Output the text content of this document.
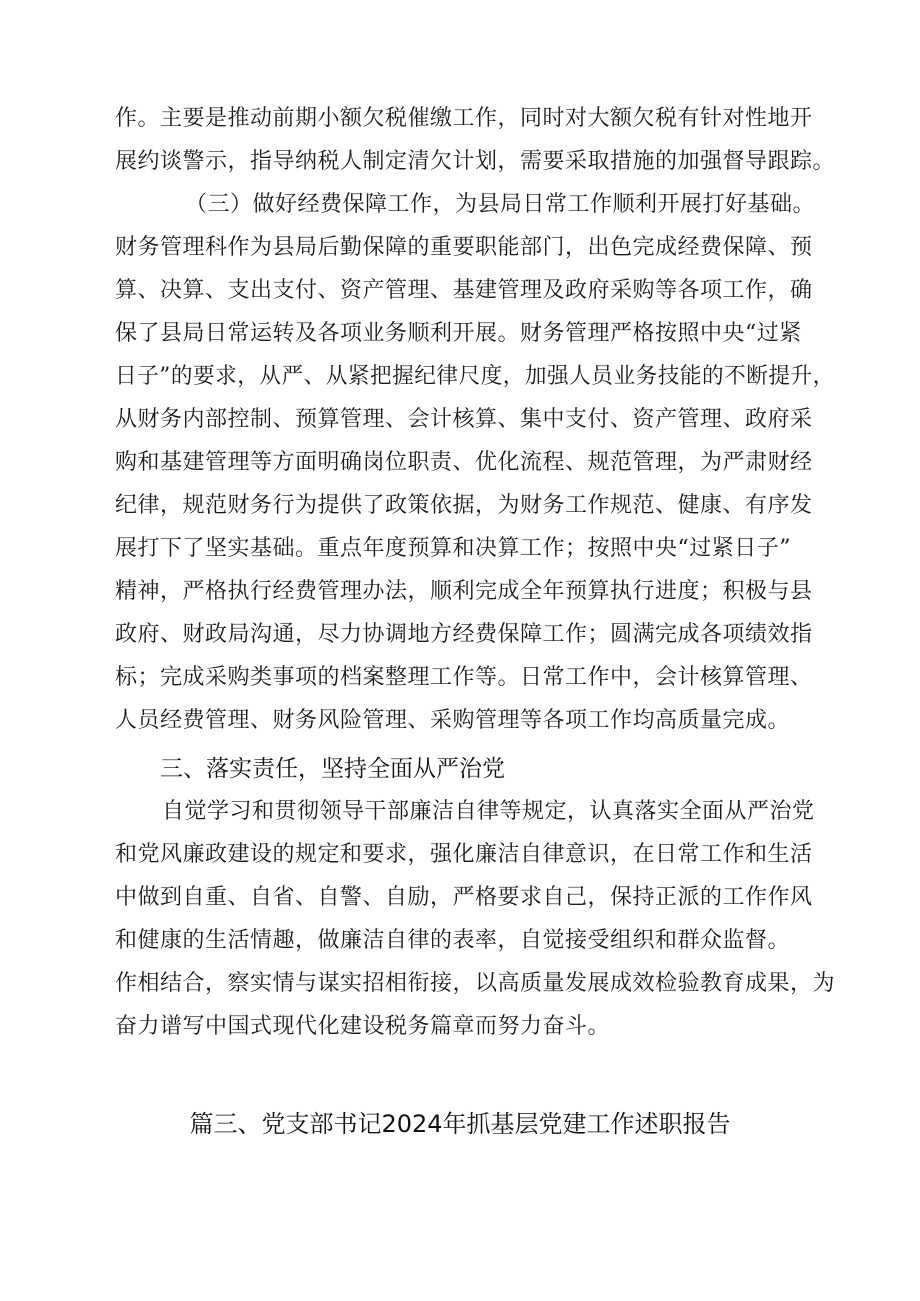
作。主要是推动前期小额欠税催缴工作，同时对大额欠税有针对性地开
展约谈警示，指导纳税人制定清欠计划，需要采取措施的加强督导跟踪。
（三）做好经费保障工作，为县局日常工作顺利开展打好基础。
财务管理科作为县局后勤保障的重要职能部门，出色完成经费保障、预
算、决算、支出支付、资产管理、基建管理及政府采购等各项工作，确
保了县局日常运转及各项业务顺利开展。财务管理严格按照中央“过紧
日子”的要求，从严、从紧把握纪律尺度，加强人员业务技能的不断提升，
从财务内部控制、预算管理、会计核算、集中支付、资产管理、政府采
购和基建管理等方面明确岗位职责、优化流程、规范管理，为严肃财经
纪律，规范财务行为提供了政策依据，为财务工作规范、健康、有序发
展打下了坚实基础。重点年度预算和决算工作；按照中央“过紧日子”
精神，严格执行经费管理办法，顺利完成全年预算执行进度；积极与县
政府、财政局沟通，尽力协调地方经费保障工作；圆满完成各项绩效指
标；完成采购类事项的档案整理工作等。日常工作中，会计核算管理、
人员经费管理、财务风险管理、采购管理等各项工作均高质量完成。
三、落实责任，坚持全面从严治党
自觉学习和贯彻领导干部廉洁自律等规定，认真落实全面从严治党
和党风廉政建设的规定和要求，强化廉洁自律意识，在日常工作和生活
中做到自重、自省、自警、自励，严格要求自己，保持正派的工作作风
和健康的生活情趣，做廉洁自律的表率，自觉接受组织和群众监督。
作相结合，察实情与谋实招相衔接，以高质量发展成效检验教育成果，为
奋力谱写中国式现代化建设税务篇章而努力奋斗。
篇三、党支部书记2024年抓基层党建工作述职报告
